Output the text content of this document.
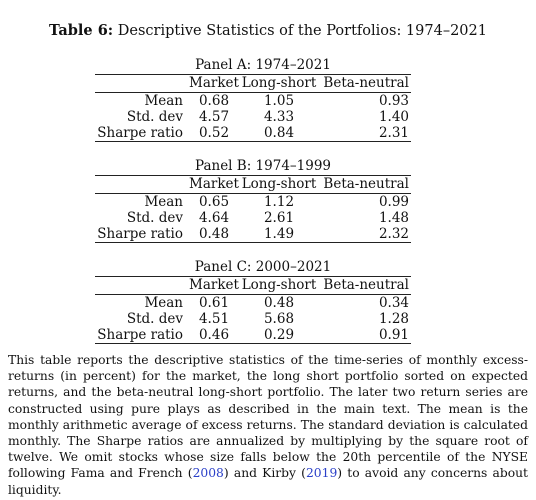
Table 6: Descriptive Statistics of the Portfolios: 1974–2021
Panel A: 1974–2021
	Market	Long-short	Beta-neutral
Mean	0.68	1.05	0.93
Std. dev	4.57	4.33	1.40
Sharpe ratio	0.52	0.84	2.31
Panel B: 1974–1999
	Market	Long-short	Beta-neutral
Mean	0.65	1.12	0.99
Std. dev	4.64	2.61	1.48
Sharpe ratio	0.48	1.49	2.32
Panel C: 2000–2021
	Market	Long-short	Beta-neutral
Mean	0.61	0.48	0.34
Std. dev	4.51	5.68	1.28
Sharpe ratio	0.46	0.29	0.91
This table reports the descriptive statistics of the time-series of monthly excess-returns (in percent) for the market, the long short portfolio sorted on expected returns, and the beta-neutral long-short portfolio. The later two return series are constructed using pure plays as described in the main text. The mean is the monthly arithmetic average of excess returns. The standard deviation is calculated monthly. The Sharpe ratios are annualized by multiplying by the square root of twelve. We omit stocks whose size falls below the 20th percentile of the NYSE following Fama and French (2008) and Kirby (2019) to avoid any concerns about liquidity.
